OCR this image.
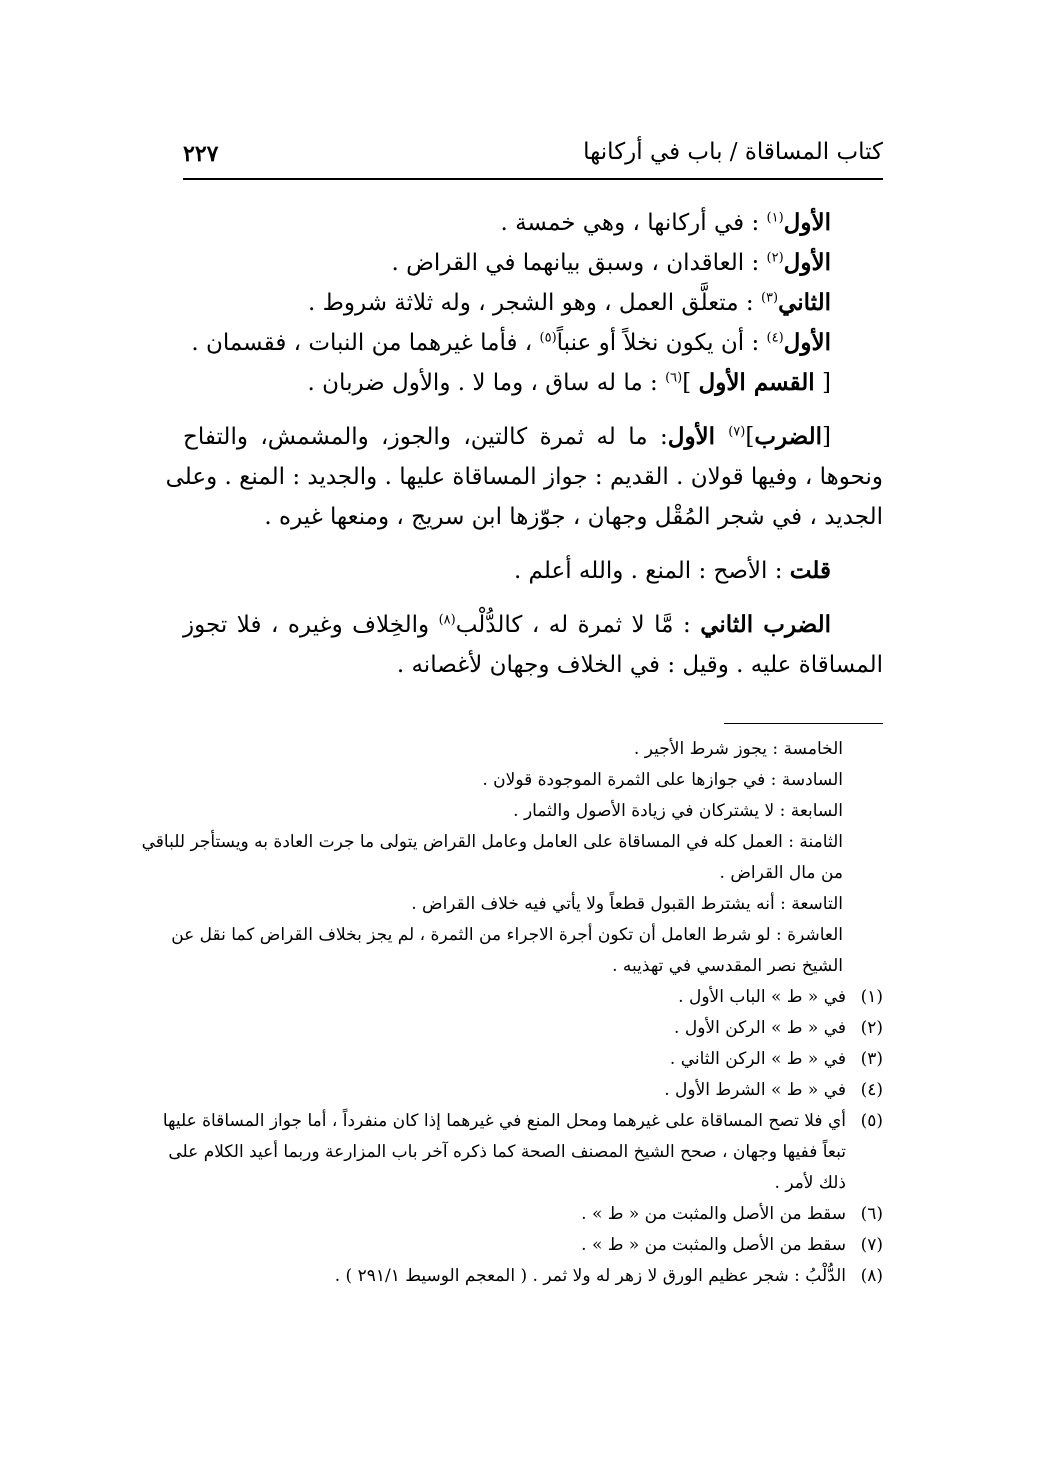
كتاب المساقاة / باب في أركانها
٢٢٧
الأول$^{(١)}$ : في أركانها ، وهي خمسة .
الأول$^{(٢)}$ : العاقدان ، وسبق بيانهما في القراض .
الثاني$^{(٣)}$ : متعلَّق العمل ، وهو الشجر ، وله ثلاثة شروط .
الأول$^{(٤)}$ : أن يكون نخلاً أو عنباً$^{(٥)}$ ، فأما غيرهما من النبات ، فقسمان .
[ القسم الأول ]$^{(٦)}$ : ما له ساق ، وما لا . والأول ضربان .
[الضرب]$^{(٧)}$ الأول: ما له ثمرة كالتين، والجوز، والمشمش، والتفاح
ونحوها ، وفيها قولان . القديم : جواز المساقاة عليها . والجديد : المنع . وعلى
الجديد ، في شجر المُقْل وجهان ، جوّزها ابن سريج ، ومنعها غيره .
قلت : الأصح : المنع . والله أعلم .
الضرب الثاني : مَّا لا ثمرة له ، كالدُّلْب$^{(٨)}$ والخِلاف وغيره ، فلا تجوز
المساقاة عليه . وقيل : في الخلاف وجهان لأغصانه .
الخامسة : يجوز شرط الأجير .
السادسة : في جوازها على الثمرة الموجودة قولان .
السابعة : لا يشتركان في زيادة الأصول والثمار .
الثامنة : العمل كله في المساقاة على العامل وعامل القراض يتولى ما جرت العادة به ويستأجر للباقي
من مال القراض .
التاسعة : أنه يشترط القبول قطعاً ولا يأتي فيه خلاف القراض .
العاشرة : لو شرط العامل أن تكون أجرة الاجراء من الثمرة ، لم يجز بخلاف القراض كما نقل عن
الشيخ نصر المقدسي في تهذيبه .
(١)في « ط » الباب الأول .
(٢)في « ط » الركن الأول .
(٣)في « ط » الركن الثاني .
(٤)في « ط » الشرط الأول .
(٥)أي فلا تصح المساقاة على غيرهما ومحل المنع في غيرهما إذا كان منفرداً ، أما جواز المساقاة عليها
تبعاً ففيها وجهان ، صحح الشيخ المصنف الصحة كما ذكره آخر باب المزارعة وربما أعيد الكلام على
ذلك لأمر .
(٦)سقط من الأصل والمثبت من « ط » .
(٧)سقط من الأصل والمثبت من « ط » .
(٨)الدُّلْبُ : شجر عظيم الورق لا زهر له ولا ثمر . ( المعجم الوسيط ٢٩١/١ ) .
